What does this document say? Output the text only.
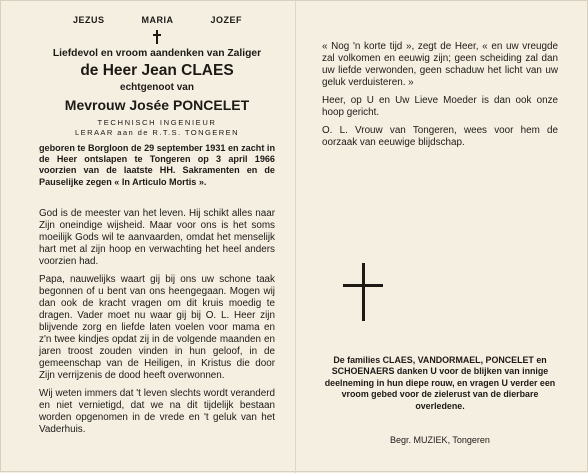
JEZUS	MARIA	JOZEF
Liefdevol en vroom aandenken van Zaliger
de Heer Jean CLAES
echtgenoot van
Mevrouw Josée PONCELET
TECHNISCH INGENIEUR
LERAAR aan de R.T.S. TONGEREN
geboren te Borgloon de 29 september 1931 en zacht in de Heer ontslapen te Tongeren op 3 april 1966 voorzien van de laatste HH. Sakramenten en de Pauselijke zegen « In Articulo Mortis ».

God is de meester van het leven. Hij schikt alles naar Zijn oneindige wijsheid. Maar voor ons is het soms moeilijk Gods wil te aanvaarden, omdat het menselijk hart met al zijn hoop en verwachting het heel anders voorzien had.

Papa, nauwelijks waart gij bij ons uw schone taak begonnen of u bent van ons heengegaan. Mogen wij dan ook de kracht vragen om dit kruis moedig te dragen. Vader moet nu waar gij bij O. L. Heer zijn blijvende zorg en liefde laten voelen voor mama en z'n twee kindjes opdat zij in de volgende maanden en jaren troost zouden vinden in hun geloof, in de gemeenschap van de Heiligen, in Kristus die door Zijn verrijzenis de dood heeft overwonnen.

Wij weten immers dat 't leven slechts wordt veranderd en niet vernietigd, dat we na dit tijdelijk bestaan worden opgenomen in de vrede en 't geluk van het Vaderhuis.

« Nog 'n korte tijd », zegt de Heer, « en uw vreugde zal volkomen en eeuwig zijn; geen scheiding zal dan uw liefde verwonden, geen schaduw het licht van uw geluk verduisteren. »

Heer, op U en Uw Lieve Moeder is dan ook onze hoop gericht.

O. L. Vrouw van Tongeren, wees voor hem de oorzaak van eeuwige blijdschap.

De families CLAES, VANDORMAEL, PONCELET en SCHOENAERS danken U voor de blijken van innige deelneming in hun diepe rouw, en vragen U verder een vroom gebed voor de zielerust van de dierbare overledene.
Begr. MUZIEK, Tongeren
